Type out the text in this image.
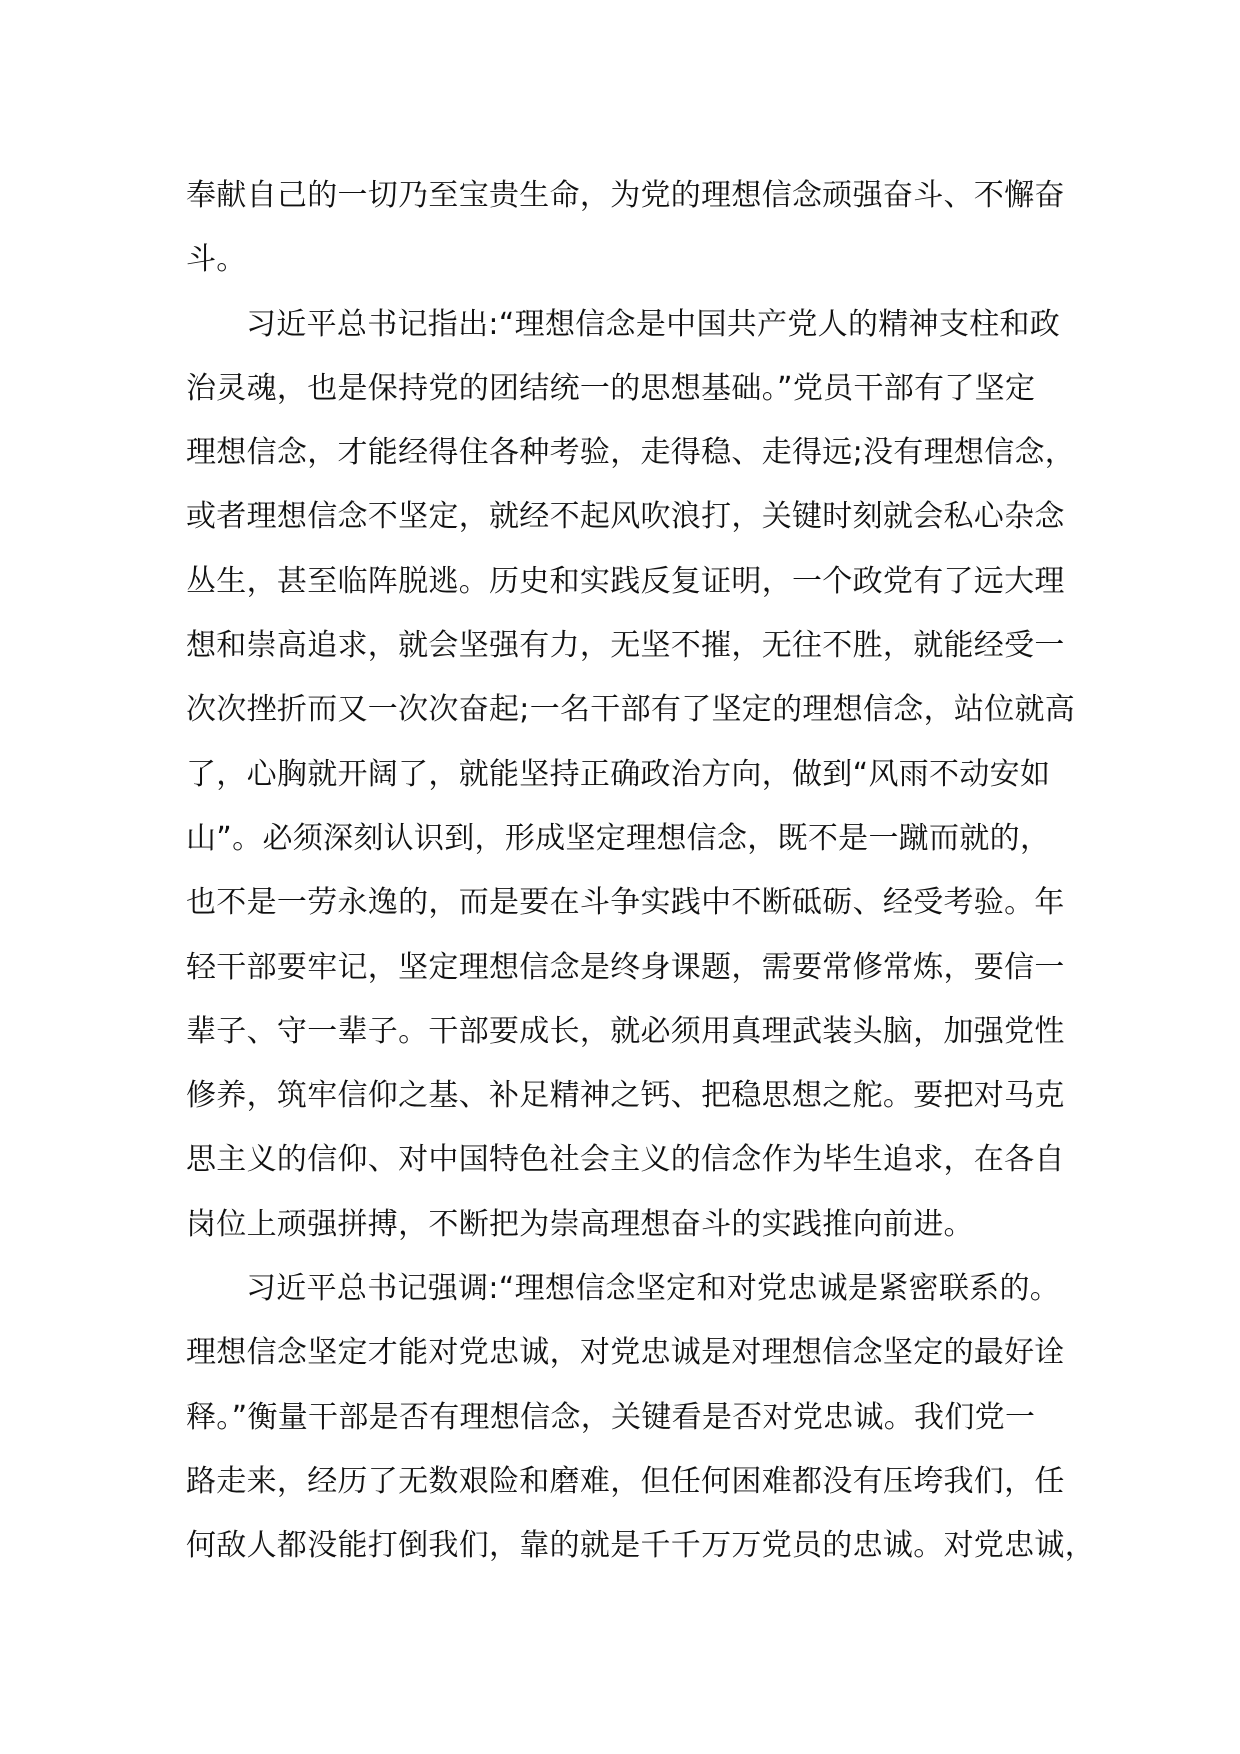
奉献自己的一切乃至宝贵生命，为党的理想信念顽强奋斗、不懈奋
斗。
习近平总书记指出:“理想信念是中国共产党人的精神支柱和政
治灵魂，也是保持党的团结统一的思想基础。”党员干部有了坚定
理想信念，才能经得住各种考验，走得稳、走得远;没有理想信念，
或者理想信念不坚定，就经不起风吹浪打，关键时刻就会私心杂念
丛生，甚至临阵脱逃。历史和实践反复证明，一个政党有了远大理
想和崇高追求，就会坚强有力，无坚不摧，无往不胜，就能经受一
次次挫折而又一次次奋起;一名干部有了坚定的理想信念，站位就高
了，心胸就开阔了，就能坚持正确政治方向，做到“风雨不动安如
山”。必须深刻认识到，形成坚定理想信念，既不是一蹴而就的，
也不是一劳永逸的，而是要在斗争实践中不断砥砺、经受考验。年
轻干部要牢记，坚定理想信念是终身课题，需要常修常炼，要信一
辈子、守一辈子。干部要成长，就必须用真理武装头脑，加强党性
修养，筑牢信仰之基、补足精神之钙、把稳思想之舵。要把对马克
思主义的信仰、对中国特色社会主义的信念作为毕生追求，在各自
岗位上顽强拼搏，不断把为崇高理想奋斗的实践推向前进。
习近平总书记强调:“理想信念坚定和对党忠诚是紧密联系的。
理想信念坚定才能对党忠诚，对党忠诚是对理想信念坚定的最好诠
释。”衡量干部是否有理想信念，关键看是否对党忠诚。我们党一
路走来，经历了无数艰险和磨难，但任何困难都没有压垮我们，任
何敌人都没能打倒我们，靠的就是千千万万党员的忠诚。对党忠诚，
